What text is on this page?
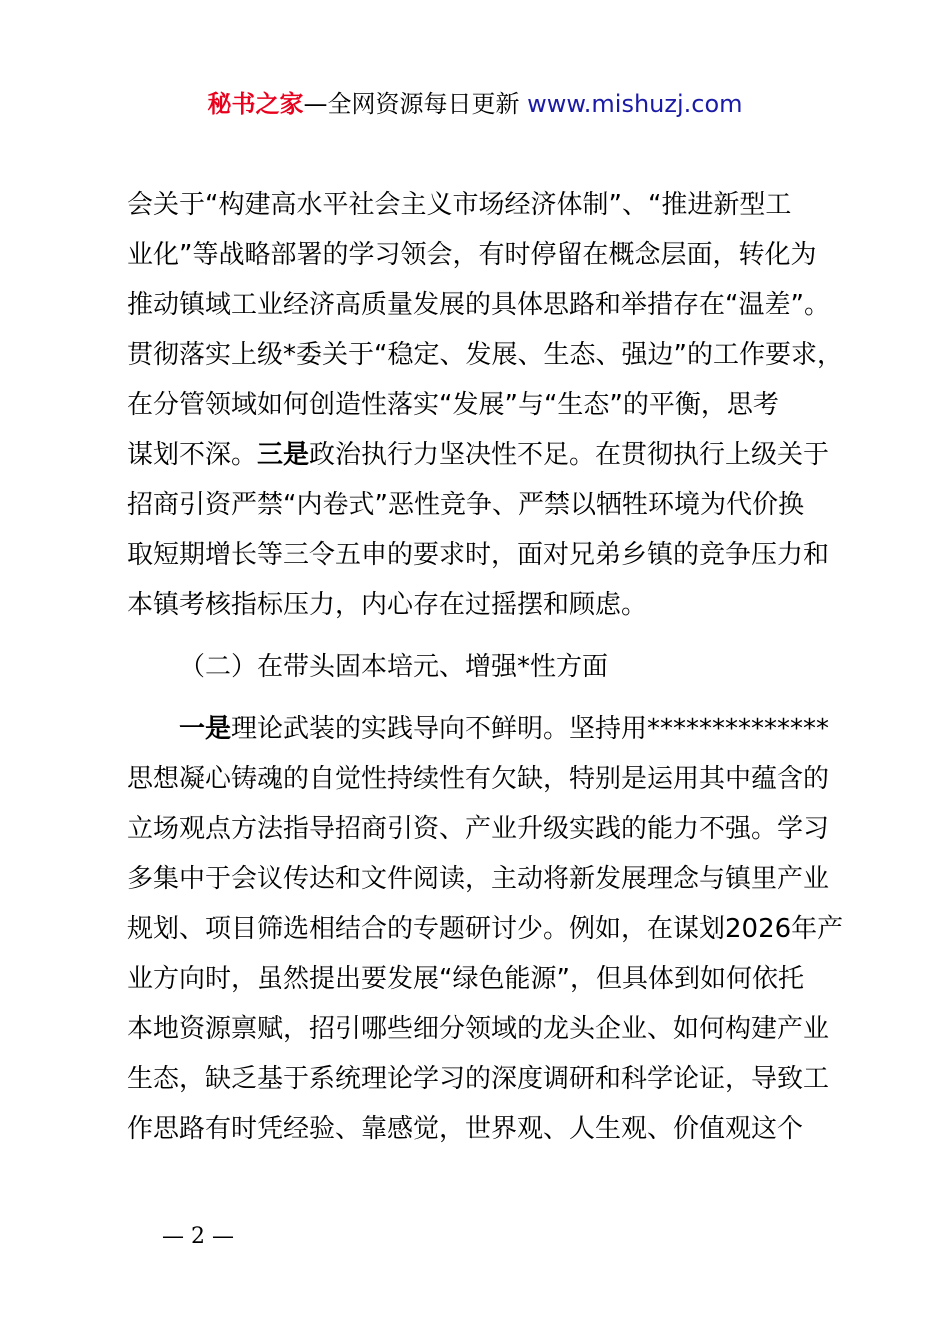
秘书之家—全网资源每日更新 www.mishuzj.com
会关于“构建高水平社会主义市场经济体制”、“推进新型工
业化”等战略部署的学习领会，有时停留在概念层面，转化为
推动镇域工业经济高质量发展的具体思路和举措存在“温差”。
贯彻落实上级*委关于“稳定、发展、生态、强边”的工作要求，
在分管领域如何创造性落实“发展”与“生态”的平衡，思考
谋划不深。三是政治执行力坚决性不足。在贯彻执行上级关于
招商引资严禁“内卷式”恶性竞争、严禁以牺牲环境为代价换
取短期增长等三令五申的要求时，面对兄弟乡镇的竞争压力和
本镇考核指标压力，内心存在过摇摆和顾虑。
（二）在带头固本培元、增强*性方面
一是理论武装的实践导向不鲜明。坚持用**************
思想凝心铸魂的自觉性持续性有欠缺，特别是运用其中蕴含的
立场观点方法指导招商引资、产业升级实践的能力不强。学习
多集中于会议传达和文件阅读，主动将新发展理念与镇里产业
规划、项目筛选相结合的专题研讨少。例如，在谋划2026年产
业方向时，虽然提出要发展“绿色能源”，但具体到如何依托
本地资源禀赋，招引哪些细分领域的龙头企业、如何构建产业
生态，缺乏基于系统理论学习的深度调研和科学论证，导致工
作思路有时凭经验、靠感觉，世界观、人生观、价值观这个
— 2 —
